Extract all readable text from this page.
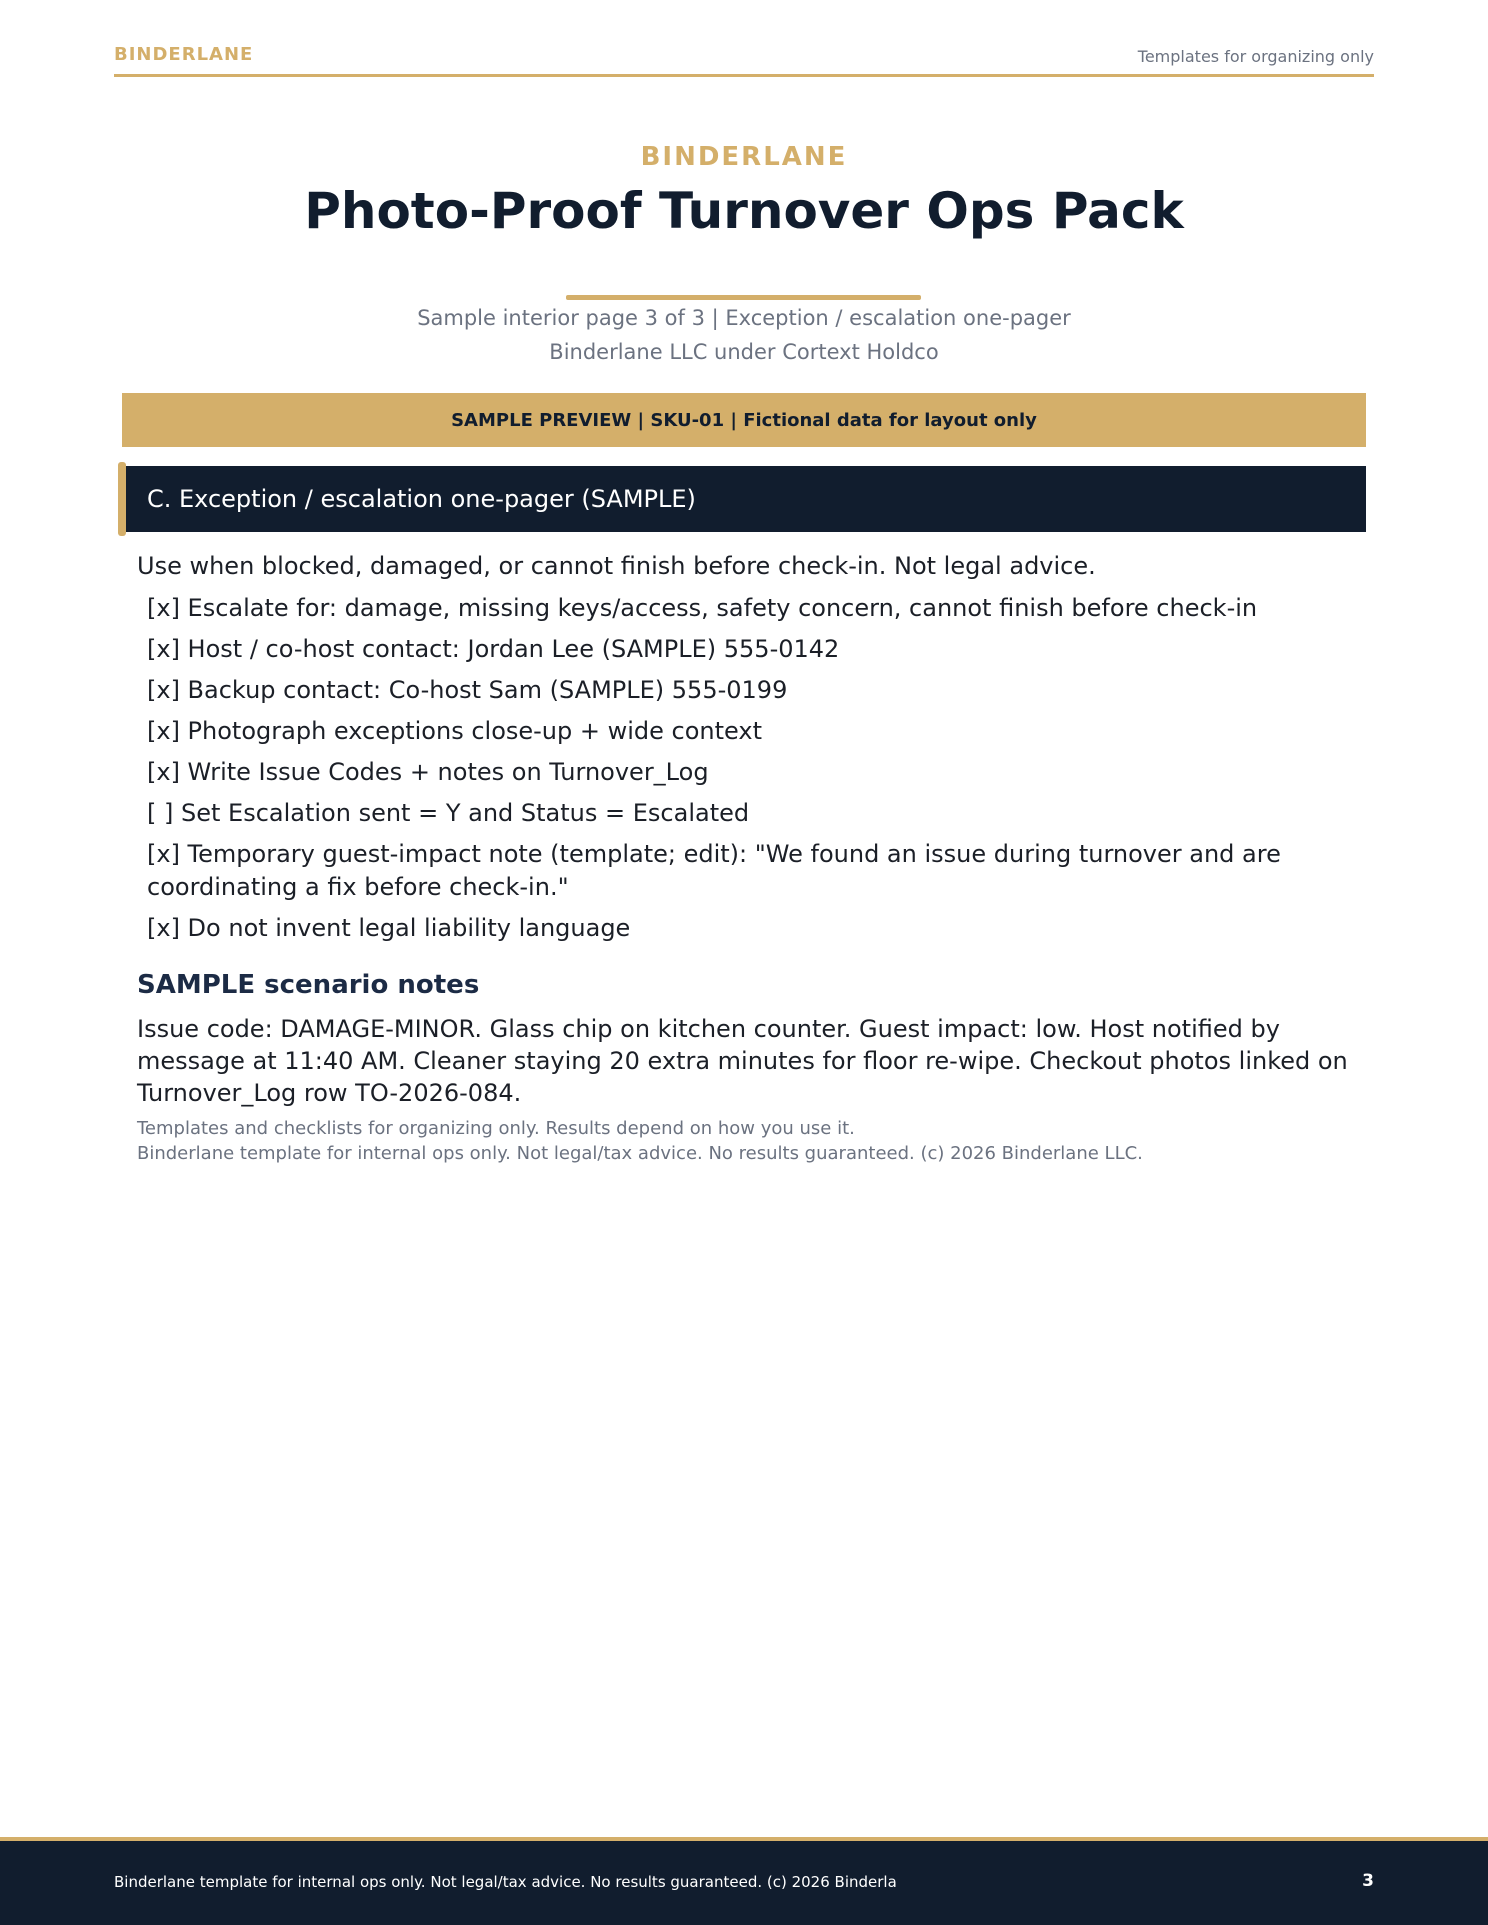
BINDERLANE	Templates for organizing only
BINDERLANE
Photo-Proof Turnover Ops Pack
Sample interior page 3 of 3 | Exception / escalation one-pager
Binderlane LLC under Cortext Holdco
SAMPLE PREVIEW | SKU-01 | Fictional data for layout only
C. Exception / escalation one-pager (SAMPLE)
Use when blocked, damaged, or cannot finish before check-in. Not legal advice.
[x] Escalate for: damage, missing keys/access, safety concern, cannot finish before check-in
[x] Host / co-host contact: Jordan Lee (SAMPLE) 555-0142
[x] Backup contact: Co-host Sam (SAMPLE) 555-0199
[x] Photograph exceptions close-up + wide context
[x] Write Issue Codes + notes on Turnover_Log
[ ] Set Escalation sent = Y and Status = Escalated
[x] Temporary guest-impact note (template; edit): "We found an issue during turnover and are coordinating a fix before check-in."
[x] Do not invent legal liability language
SAMPLE scenario notes
Issue code: DAMAGE-MINOR. Glass chip on kitchen counter. Guest impact: low. Host notified by message at 11:40 AM. Cleaner staying 20 extra minutes for floor re-wipe. Checkout photos linked on Turnover_Log row TO-2026-084.
Templates and checklists for organizing only. Results depend on how you use it.
Binderlane template for internal ops only. Not legal/tax advice. No results guaranteed. (c) 2026 Binderlane LLC.
Binderlane template for internal ops only. Not legal/tax advice. No results guaranteed. (c) 2026 Binderla	3
